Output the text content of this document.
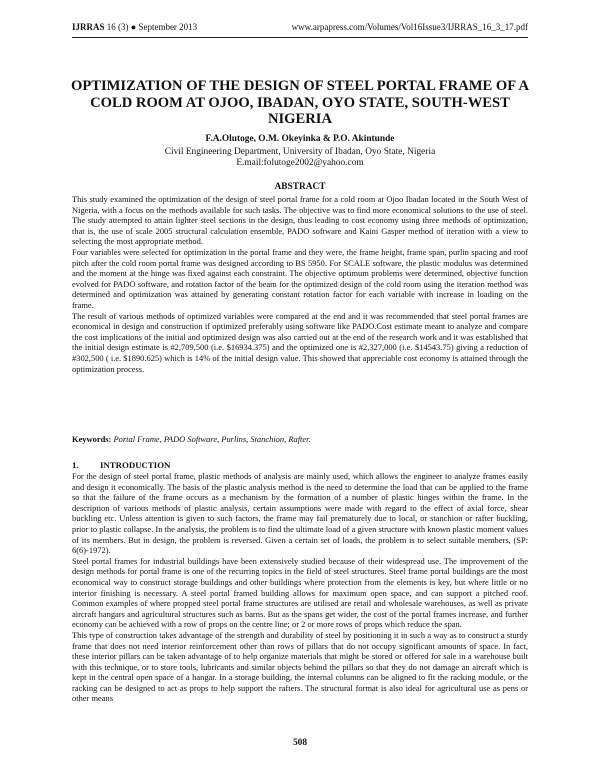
IJRRAS 16 (3) ● September 2013	www.arpapress.com/Volumes/Vol16Issue3/IJRRAS_16_3_17.pdf
OPTIMIZATION OF THE DESIGN OF STEEL PORTAL FRAME OF A COLD ROOM AT OJOO, IBADAN, OYO STATE, SOUTH-WEST NIGERIA
F.A.Olutoge, O.M. Okeyinka & P.O. Akintunde
Civil Engineering Department, University of Ibadan, Oyo State, Nigeria
E.mail:folutoge2002@yahoo.com
ABSTRACT

This study examined the optimization of the design of steel portal frame for a cold room at Ojoo Ibadan located in the South West of Nigeria, with a focus on the methods available for such tasks. The objective was to find more economical solutions to the use of steel. The study attempted to attain lighter steel sections in the design, thus leading to cost economy using three methods of optimization, that is, the use of scale 2005 structural calculation ensemble, PADO software and Kaini Gasper method of iteration with a view to selecting the most appropriate method.

Four variables were selected for optimization in the portal frame and they were, the frame height, frame span, purlin spacing and roof pitch after the cold room portal frame was designed according to BS 5950. For SCALE software, the plastic modulus was determined and the moment at the hinge was fixed against each constraint. The objective optimum problems were determined, objective function evolved for PADO software, and rotation factor of the beam for the optimized design of the cold room using the iteration method was determined and optimization was attained by generating constant rotation factor for each variable with increase in loading on the frame.

The result of various methods of optimized variables were compared at the end and it was recommended that steel portal frames are economical in design and construction if optimized preferably using software like PADO.Cost estimate meant to analyze and compare the cost implications of the initial and optimized design was also carried out at the end of the research work and it was established that the initial design estimate is #2,709,500 (i.e. $16934.375) and the optimized one is #2,327,000 (i.e. $14543.75) giving a reduction of #302,500 ( i.e. $1890.625) which is 14% of the initial design value. This showed that appreciable cost economy is attained through the optimization process.

Keywords: Portal Frame, PADO Software, Purlins, Stanchion, Rafter.
1. INTRODUCTION

For the design of steel portal frame, plastic methods of analysis are mainly used, which allows the engineer to analyze frames easily and design it economically. The basis of the plastic analysis method is the need to determine the load that can be applied to the frame so that the failure of the frame occurs as a mechanism by the formation of a number of plastic hinges within the frame. In the description of various methods of plastic analysis, certain assumptions were made with regard to the effect of axial force, shear buckling etc. Unless attention is given to such factors, the frame may fail prematurely due to local, or stanchion or rafter buckling, prior to plastic collapse. In the analysis, the problem is to find the ultimate load of a given structure with known plastic moment values of its members. But in design, the problem is reversed. Given a certain set of loads, the problem is to select suitable members, (SP: 6(6)-1972).

Steel portal frames for industrial buildings have been extensively studied because of their widespread use. The improvement of the design methods for portal frame is one of the recurring topics in the field of steel structures. Steel frame portal buildings are the most economical way to construct storage buildings and other buildings where protection from the elements is key, but where little or no interior finishing is necessary. A steel portal framed building allows for maximum open space, and can support a pitched roof. Common examples of where propped steel portal frame structures are utilised are retail and wholesale warehouses, as well as private aircraft hangars and agricultural structures such as barns. But as the spans get wider, the cost of the portal frames increase, and further economy can be achieved with a row of props on the centre line; or 2 or more rows of props which reduce the span.

This type of construction takes advantage of the strength and durability of steel by positioning it in such a way as to construct a sturdy frame that does not need interior reinforcement other than rows of pillars that do not occupy significant amounts of space. In fact, these interior pillars can be taken advantage of to help organize materials that might be stored or offered for sale in a warehouse built with this technique, or to store tools, lubricants and similar objects behind the pillars so that they do not damage an aircraft which is kept in the central open space of a hangar. In a storage building, the internal columns can be aligned to fit the racking module, or the racking can be designed to act as props to help support the rafters. The structural format is also ideal for agricultural use as pens or other means

508
